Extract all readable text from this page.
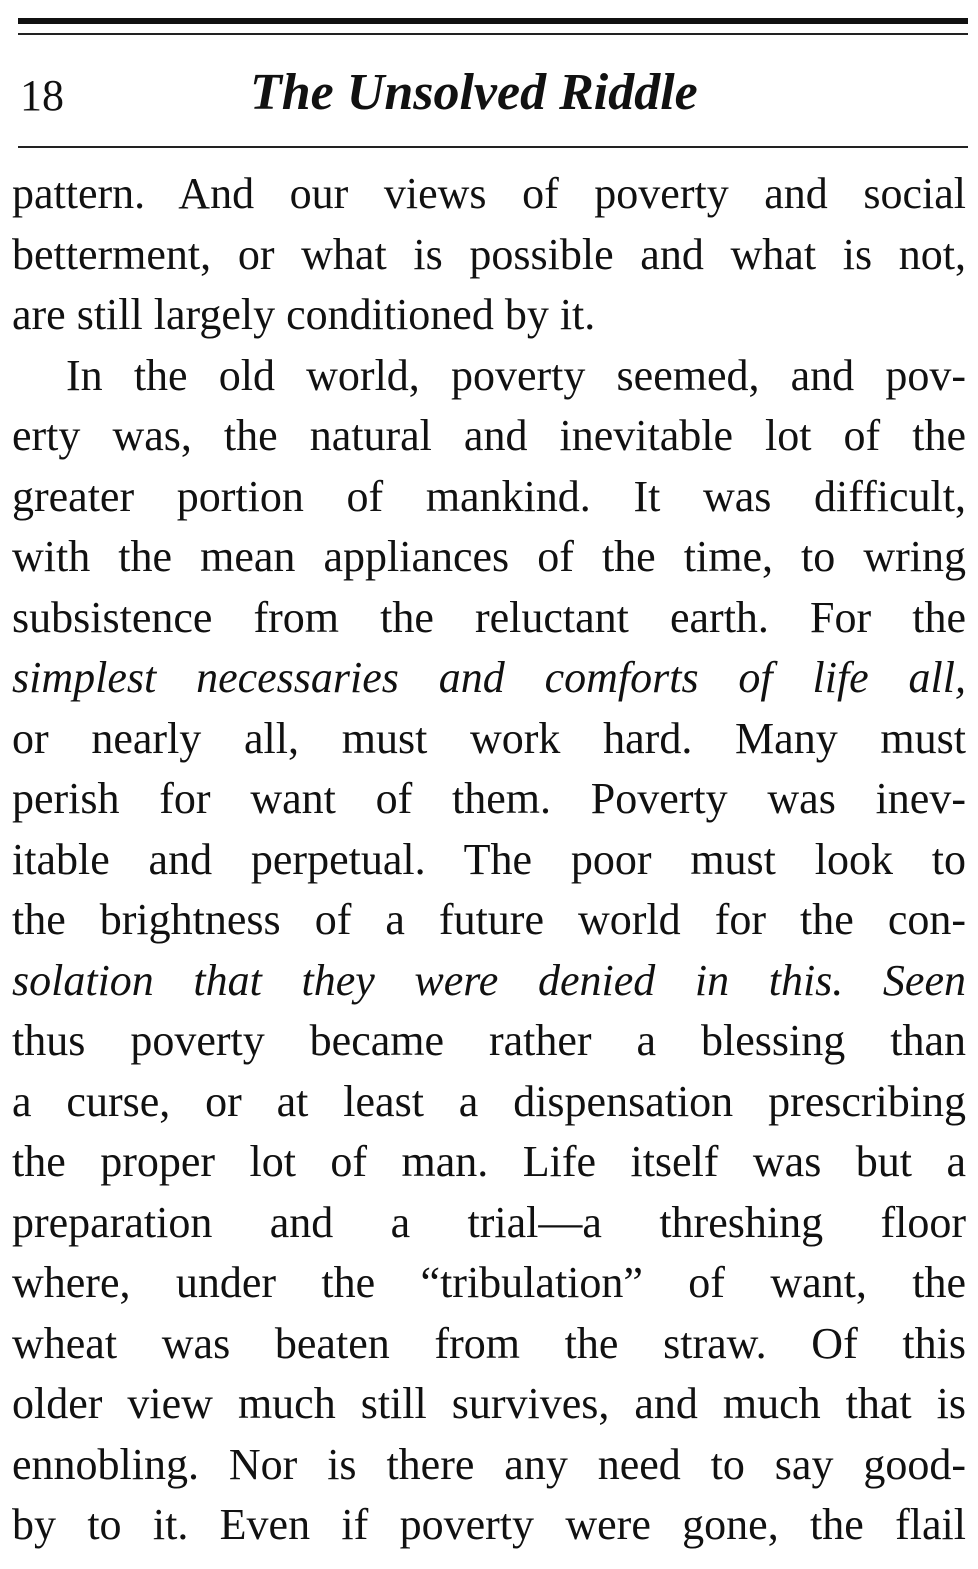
18	The Unsolved Riddle
pattern. And our views of poverty and social
betterment, or what is possible and what is not,
are still largely conditioned by it.
In the old world, poverty seemed, and pov-
erty was, the natural and inevitable lot of the
greater portion of mankind. It was difficult,
with the mean appliances of the time, to wring
subsistence from the reluctant earth. For the
simplest necessaries and comforts of life all,
or nearly all, must work hard. Many must
perish for want of them. Poverty was inev-
itable and perpetual. The poor must look to
the brightness of a future world for the con-
solation that they were denied in this. Seen
thus poverty became rather a blessing than
a curse, or at least a dispensation prescribing
the proper lot of man. Life itself was but a
preparation and a trial—a threshing floor
where, under the “tribulation” of want, the
wheat was beaten from the straw. Of this
older view much still survives, and much that is
ennobling. Nor is there any need to say good-
by to it. Even if poverty were gone, the flail
